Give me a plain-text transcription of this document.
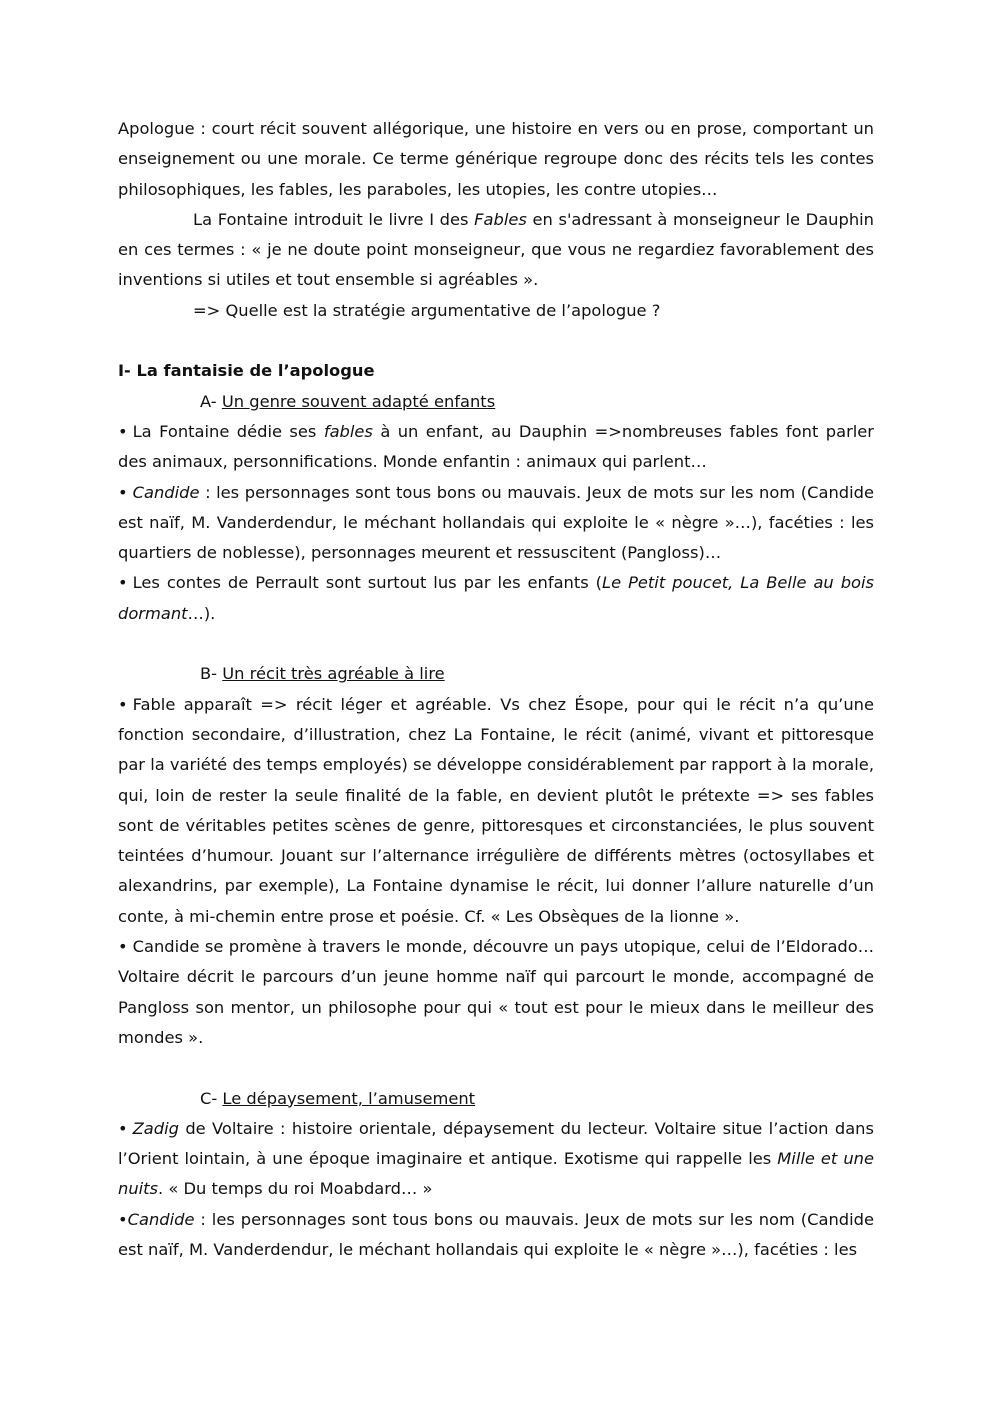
Apologue : court récit souvent allégorique, une histoire en vers ou en prose, comportant un enseignement ou une morale. Ce terme générique regroupe donc des récits tels les contes philosophiques, les fables, les paraboles, les utopies, les contre utopies…

La Fontaine introduit le livre I des Fables en s'adressant à monseigneur le Dauphin en ces termes : « je ne doute point monseigneur, que vous ne regardiez favorablement des inventions si utiles et tout ensemble si agréables ».

=> Quelle est la stratégie argumentative de l’apologue ?

I- La fantaisie de l’apologue

A- Un genre souvent adapté enfants

• La Fontaine dédie ses fables à un enfant, au Dauphin =>nombreuses fables font parler des animaux, personnifications. Monde enfantin : animaux qui parlent…

• Candide : les personnages sont tous bons ou mauvais. Jeux de mots sur les nom (Candide est naïf, M. Vanderdendur, le méchant hollandais qui exploite le « nègre »…), facéties : les quartiers de noblesse), personnages meurent et ressuscitent (Pangloss)…

• Les contes de Perrault sont surtout lus par les enfants (Le Petit poucet, La Belle au bois dormant…).

B- Un récit très agréable à lire

• Fable apparaît => récit léger et agréable. Vs chez Ésope, pour qui le récit n’a qu’une fonction secondaire, d’illustration, chez La Fontaine, le récit (animé, vivant et pittoresque par la variété des temps employés) se développe considérablement par rapport à la morale, qui, loin de rester la seule finalité de la fable, en devient plutôt le prétexte => ses fables sont de véritables petites scènes de genre, pittoresques et circonstanciées, le plus souvent teintées d’humour. Jouant sur l’alternance irrégulière de différents mètres (octosyllabes et alexandrins, par exemple), La Fontaine dynamise le récit, lui donner l’allure naturelle d’un conte, à mi-chemin entre prose et poésie. Cf. « Les Obsèques de la lionne ».

• Candide se promène à travers le monde, découvre un pays utopique, celui de l’Eldorado… Voltaire décrit le parcours d’un jeune homme naïf qui parcourt le monde, accompagné de Pangloss son mentor, un philosophe pour qui « tout est pour le mieux dans le meilleur des mondes ».

C- Le dépaysement, l’amusement

• Zadig de Voltaire : histoire orientale, dépaysement du lecteur. Voltaire situe l’action dans l’Orient lointain, à une époque imaginaire et antique. Exotisme qui rappelle les Mille et une nuits. « Du temps du roi Moabdard… »

•Candide : les personnages sont tous bons ou mauvais. Jeux de mots sur les nom (Candide est naïf, M. Vanderdendur, le méchant hollandais qui exploite le « nègre »…), facéties : les
